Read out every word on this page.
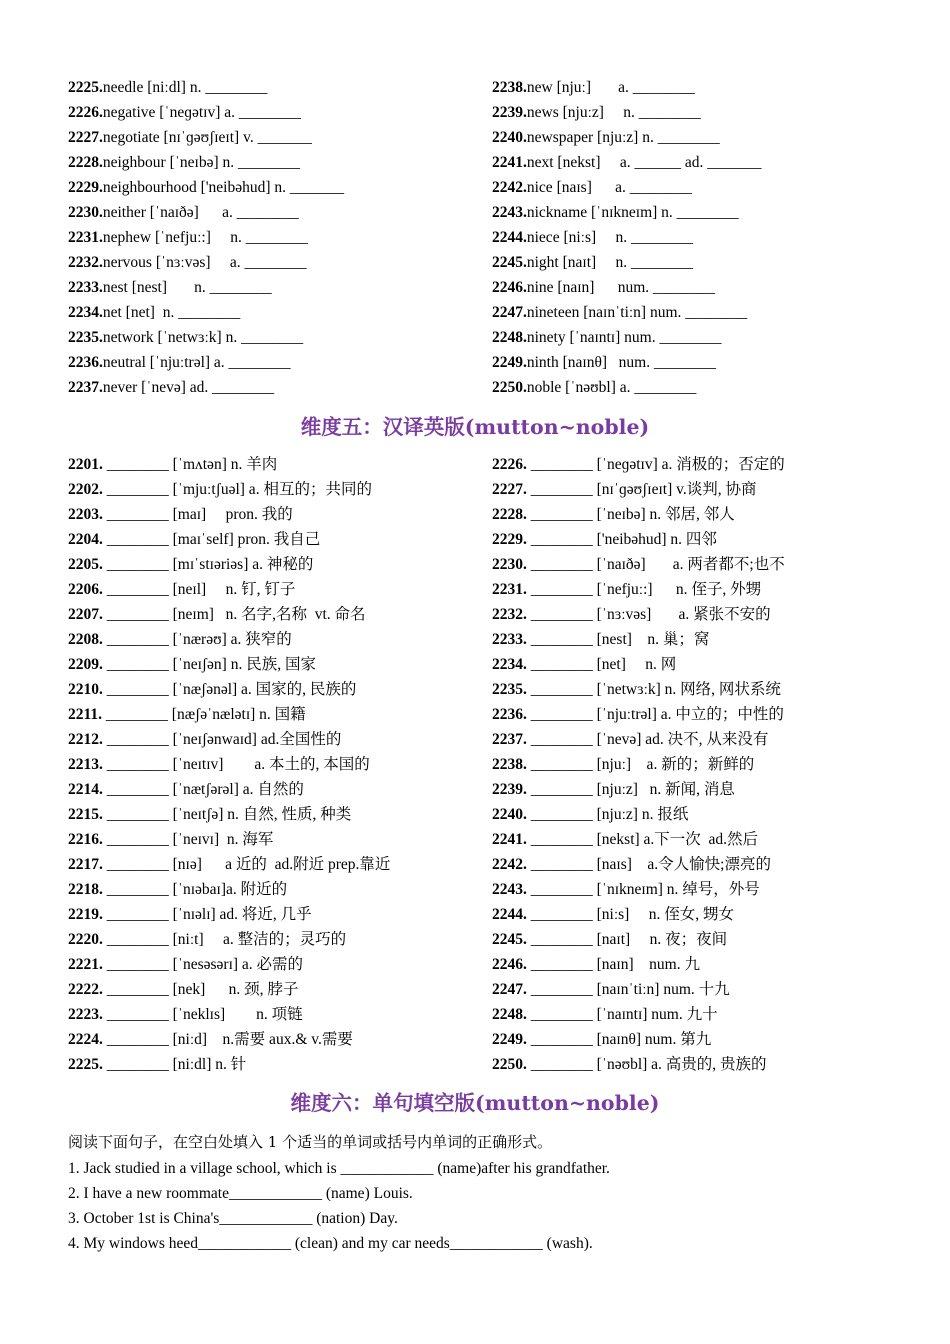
2225.needle [niːdl] n. ________
2226.negative [ˈneɡətɪv] a. ________
2227.negotiate [nɪˈɡəʊʃɪeɪt] v. _______
2228.neighbour [ˈneɪbə] n. ________
2229.neighbourhood ['neibəhud] n. _______
2230.neither [ˈnaɪðə]      a. ________
2231.nephew [ˈnefjuː:]     n. ________
2232.nervous [ˈnɜːvəs]     a. ________
2233.nest [nest]       n. ________
2234.net [net]  n. ________
2235.network [ˈnetwɜːk] n. ________
2236.neutral [ˈnjuːtrəl] a. ________
2237.never [ˈnevə] ad. ________
2238.new [njuː]       a. ________
2239.news [njuːz]     n. ________
2240.newspaper [njuːz] n. ________
2241.next [nekst]     a. ______ ad. _______
2242.nice [naɪs]      a. ________
2243.nickname [ˈnɪkneɪm] n. ________
2244.niece [niːs]     n. ________
2245.night [naɪt]     n. ________
2246.nine [naɪn]      num. ________
2247.nineteen [naɪnˈtiːn] num. ________
2248.ninety [ˈnaɪntɪ] num. ________
2249.ninth [naɪnθ]   num. ________
2250.noble [ˈnəʊbl] a. ________
维度五：汉译英版(mutton~noble)
2201. ________ [ˈmʌtən] n. 羊肉
2202. ________ [ˈmjuːtʃuəl] a. 相互的；共同的
2203. ________ [maɪ]     pron. 我的
2204. ________ [maɪˈself] pron. 我自己
2205. ________ [mɪˈstɪəriəs] a. 神秘的
2206. ________ [neɪl]     n. 钉, 钉子
2207. ________ [neɪm]   n. 名字,名称  vt. 命名
2208. ________ [ˈnærəʊ] a. 狭窄的
2209. ________ [ˈneɪʃən] n. 民族, 国家
2210. ________ [ˈnæʃənəl] a. 国家的, 民族的
2211. ________ [næʃəˈnælətɪ] n. 国籍
2212. ________ [ˈneɪʃənwaɪd] ad.全国性的
2213. ________ [ˈneɪtɪv]        a. 本土的, 本国的
2214. ________ [ˈnætʃərəl] a. 自然的
2215. ________ [ˈneɪtʃə] n. 自然, 性质, 种类
2216. ________ [ˈneɪvɪ]  n. 海军
2217. ________ [nɪə]      a 近的  ad.附近 prep.靠近
2218. ________ [ˈnɪəbaɪ]a. 附近的
2219. ________ [ˈnɪəlɪ] ad. 将近, 几乎
2220. ________ [niːt]     a. 整洁的；灵巧的
2221. ________ [ˈnesəsərɪ] a. 必需的
2222. ________ [nek]      n. 颈, 脖子
2223. ________ [ˈneklɪs]        n. 项链
2224. ________ [niːd]    n.需要 aux.& v.需要
2225. ________ [niːdl] n. 针
2226. ________ [ˈneɡətɪv] a. 消极的；否定的
2227. ________ [nɪˈɡəʊʃɪeɪt] v.谈判, 协商
2228. ________ [ˈneɪbə] n. 邻居, 邻人
2229. ________ ['neibəhud] n. 四邻
2230. ________ [ˈnaɪðə]       a. 两者都不;也不
2231. ________ [ˈnefjuː:]      n. 侄子, 外甥
2232. ________ [ˈnɜːvəs]       a. 紧张不安的
2233. ________ [nest]    n. 巢；窝
2234. ________ [net]     n. 网
2235. ________ [ˈnetwɜːk] n. 网络, 网状系统
2236. ________ [ˈnjuːtrəl] a. 中立的；中性的
2237. ________ [ˈnevə] ad. 决不, 从来没有
2238. ________ [njuː]    a. 新的；新鲜的
2239. ________ [njuːz]   n. 新闻, 消息
2240. ________ [njuːz] n. 报纸
2241. ________ [nekst] a.下一次  ad.然后
2242. ________ [naɪs]    a.令人愉快;漂亮的
2243. ________ [ˈnɪkneɪm] n. 绰号，外号
2244. ________ [niːs]     n. 侄女, 甥女
2245. ________ [naɪt]     n. 夜；夜间
2246. ________ [naɪn]    num. 九
2247. ________ [naɪnˈtiːn] num. 十九
2248. ________ [ˈnaɪntɪ] num. 九十
2249. ________ [naɪnθ] num. 第九
2250. ________ [ˈnəʊbl] a. 高贵的, 贵族的
维度六：单句填空版(mutton~noble)
阅读下面句子，在空白处填入 1 个适当的单词或括号内单词的正确形式。
1. Jack studied in a village school, which is ____________ (name)after his grandfather.
2. I have a new roommate____________ (name) Louis.
3. October 1st is China's____________ (nation) Day.
4. My windows heed____________ (clean) and my car needs____________ (wash).
